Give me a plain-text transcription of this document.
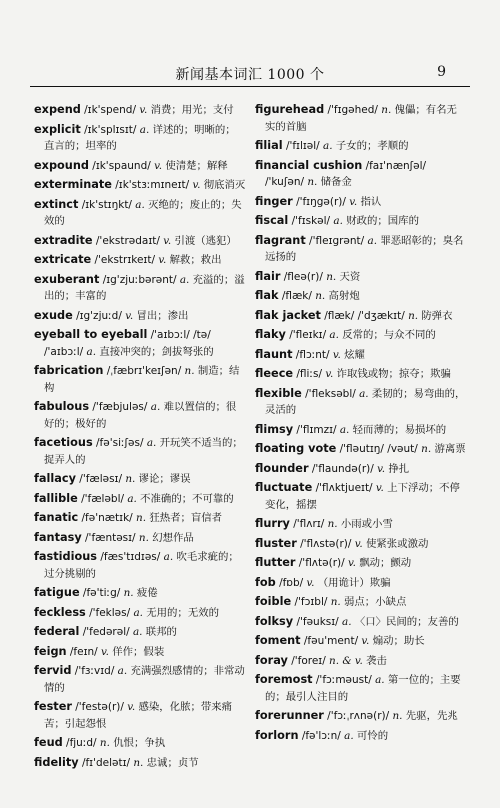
新闻基本词汇 1000 个	9
expend /ɪk'spend/ v. 消费；用光；支付
explicit /ɪk'splɪsɪt/ a. 详述的；明晰的；直言的；坦率的
expound /ɪk'spaund/ v. 使清楚；解释
exterminate /ɪk'stɜːmɪneɪt/ v. 彻底消灭
extinct /ɪk'stɪŋkt/ a. 灭绝的；废止的；失效的
extradite /'ekstrədaɪt/ v. 引渡（逃犯）
extricate /'ekstrɪkeɪt/ v. 解救；救出
exuberant /ɪg'zjuːbərənt/ a. 充溢的；溢出的；丰富的
exude /ɪg'zjuːd/ v. 冒出；渗出
eyeball to eyeball /'aɪbɔːl/ /tə/ /'aɪbɔːl/ a. 直接冲突的；剑拔弩张的
fabrication /ˌfæbrɪ'keɪʃən/ n. 制造；结构
fabulous /'fæbjuləs/ a. 难以置信的；很好的；极好的
facetious /fə'siːʃəs/ a. 开玩笑不适当的；捉弄人的
fallacy /'fæləsɪ/ n. 谬论；谬误
fallible /'fæləbl/ a. 不准确的；不可靠的
fanatic /fə'nætɪk/ n. 狂热者；盲信者
fantasy /'fæntəsɪ/ n. 幻想作品
fastidious /fæs'tɪdɪəs/ a. 吹毛求疵的；过分挑剔的
fatigue /fə'tiːg/ n. 疲倦
feckless /'fekləs/ a. 无用的；无效的
federal /'fedərəl/ a. 联邦的
feign /feɪn/ v. 佯作；假装
fervid /'fɜːvɪd/ a. 充满强烈感情的；非常动情的
fester /'festə(r)/ v. 感染，化脓；带来痛苦；引起怨恨
feud /fjuːd/ n. 仇恨；争执
fidelity /fɪ'delətɪ/ n. 忠诚；贞节
figurehead /'fɪgəhed/ n. 傀儡；有名无实的首脑
filial /'fɪlɪəl/ a. 子女的；孝顺的
financial cushion /faɪ'nænʃəl/ /'kuʃən/ n. 储备金
finger /'fɪŋgə(r)/ v. 指认
fiscal /'fɪskəl/ a. 财政的；国库的
flagrant /'fleɪgrənt/ a. 罪恶昭彰的；臭名远扬的
flair /fleə(r)/ n. 天资
flak /flæk/ n. 高射炮
flak jacket /flæk/ /'dʒækɪt/ n. 防弹衣
flaky /'fleɪkɪ/ a. 反常的；与众不同的
flaunt /flɔːnt/ v. 炫耀
fleece /fliːs/ v. 诈取钱或物；掠夺；欺骗
flexible /'fleksəbl/ a. 柔韧的；易弯曲的，灵活的
flimsy /'flɪmzɪ/ a. 轻而薄的；易损坏的
floating vote /'fləutɪŋ/ /vəut/ n. 游离票
flounder /'flaundə(r)/ v. 挣扎
fluctuate /'flʌktjueɪt/ v. 上下浮动；不停变化，摇摆
flurry /'flʌrɪ/ n. 小雨或小雪
fluster /'flʌstə(r)/ v. 使紧张或激动
flutter /'flʌtə(r)/ v. 飘动；颤动
fob /fɒb/ v. （用诡计）欺骗
foible /'fɔɪbl/ n. 弱点；小缺点
folksy /'fəuksɪ/ a. 〈口〉民间的；友善的
foment /fəu'ment/ v. 煽动；助长
foray /'foreɪ/ n. & v. 袭击
foremost /'fɔːməust/ a. 第一位的；主要的；最引人注目的
forerunner /'fɔːˌrʌnə(r)/ n. 先驱，先兆
forlorn /fə'lɔːn/ a. 可怜的
